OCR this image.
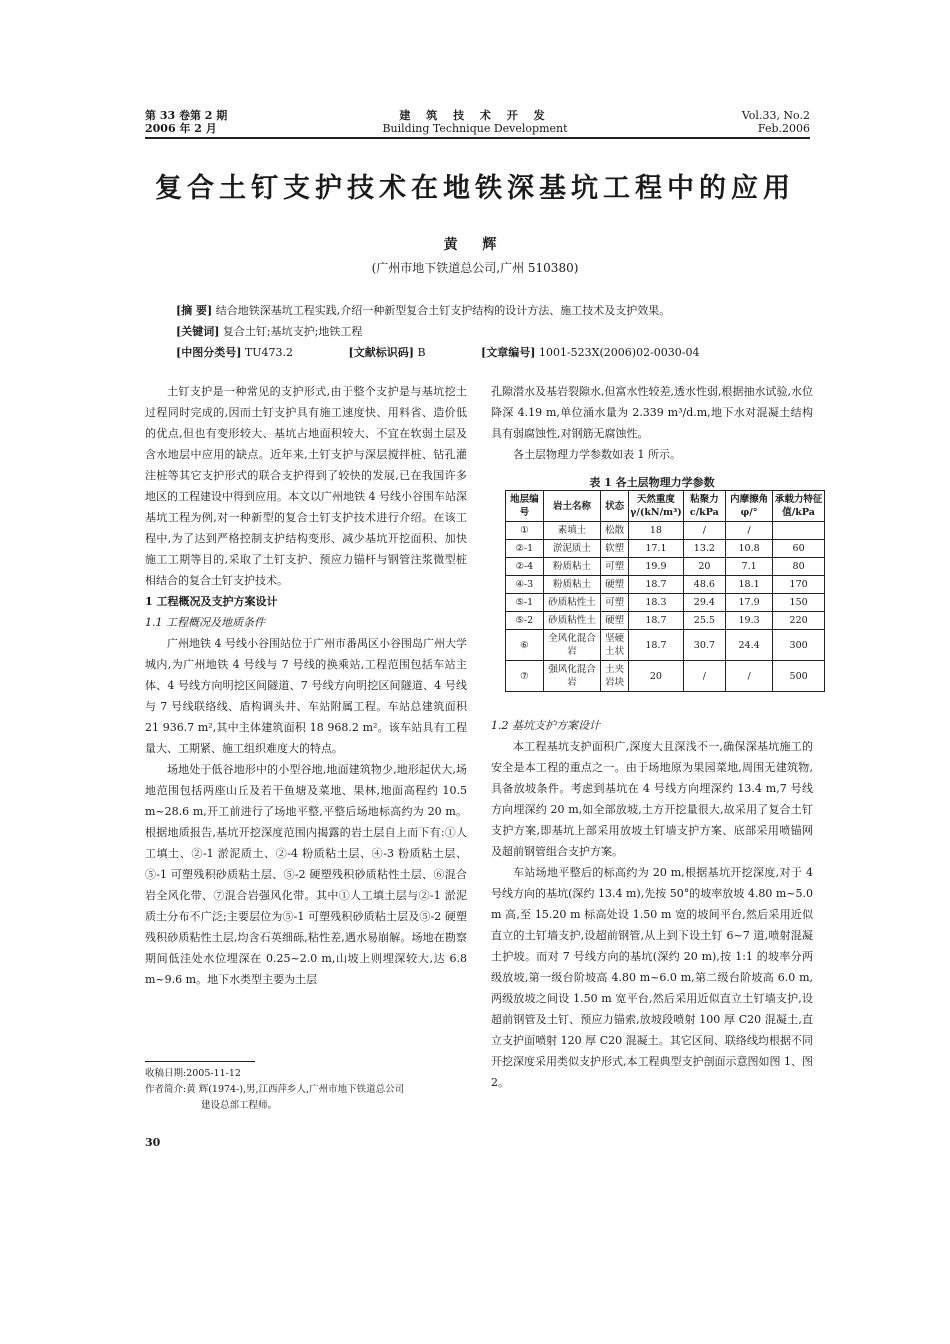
第 33 卷第 2 期
2006 年 2 月
建 筑 技 术 开 发
Building Technique Development
Vol.33, No.2
Feb.2006
复合土钉支护技术在地铁深基坑工程中的应用
黄 辉
(广州市地下铁道总公司,广州 510380)
[摘 要] 结合地铁深基坑工程实践,介绍一种新型复合土钉支护结构的设计方法、施工技术及支护效果。
[关键词] 复合土钉;基坑支护;地铁工程
[中图分类号] TU473.2	[文献标识码] B	[文章编号] 1001-523X(2006)02-0030-04

土钉支护是一种常见的支护形式,由于整个支护是与基坑挖土过程同时完成的,因而土钉支护具有施工速度快、用料省、造价低的优点,但也有变形较大、基坑占地面积较大、不宜在软弱土层及含水地层中应用的缺点。近年来,土钉支护与深层搅拌桩、钻孔灌注桩等其它支护形式的联合支护得到了较快的发展,已在我国许多地区的工程建设中得到应用。本文以广州地铁 4 号线小谷围车站深基坑工程为例,对一种新型的复合土钉支护技术进行介绍。在该工程中,为了达到严格控制支护结构变形、减少基坑开挖面积、加快施工工期等目的,采取了土钉支护、预应力锚杆与钢管注浆微型桩相结合的复合土钉支护技术。

1 工程概况及支护方案设计

1.1 工程概况及地质条件

广州地铁 4 号线小谷围站位于广州市番禺区小谷围岛广州大学城内,为广州地铁 4 号线与 7 号线的换乘站,工程范围包括车站主体、4 号线方向明挖区间隧道、7 号线方向明挖区间隧道、4 号线与 7 号线联络线、盾构调头井、车站附属工程。车站总建筑面积 21 936.7 m²,其中主体建筑面积 18 968.2 m²。该车站具有工程量大、工期紧、施工组织难度大的特点。

场地处于低谷地形中的小型谷地,地面建筑物少,地形起伏大,场地范围包括两座山丘及若干鱼塘及菜地、果林,地面高程约 10.5 m~28.6 m,开工前进行了场地平整,平整后场地标高约为 20 m。根据地质报告,基坑开挖深度范围内揭露的岩土层自上而下有:①人工填土、②-1 淤泥质土、②-4 粉质粘土层、④-3 粉质粘土层、⑤-1 可塑残积砂质粘土层、⑤-2 硬塑残积砂质粘性土层、⑥混合岩全风化带、⑦混合岩强风化带。其中①人工填土层与②-1 淤泥质土分布不广泛;主要层位为⑤-1 可塑残积砂质粘土层及⑤-2 硬塑残积砂质粘性土层,均含石英细砾,粘性差,遇水易崩解。场地在勘察期间低洼处水位埋深在 0.25~2.0 m,山坡上则埋深较大,达 6.8 m~9.6 m。地下水类型主要为土层

孔隙潜水及基岩裂隙水,但富水性较差,透水性弱,根据抽水试验,水位降深 4.19 m,单位涌水量为 2.339 m³/d.m,地下水对混凝土结构具有弱腐蚀性,对钢筋无腐蚀性。

各土层物理力学参数如表 1 所示。

表 1 各土层物理力学参数
地层编号	岩土名称	状态	天然重度 γ/(kN/m³)	粘聚力 c/kPa	内摩擦角 φ/°	承载力特征值/kPa
①	素填土	松散	18	/	/	
②-1	淤泥质土	软塑	17.1	13.2	10.8	60
②-4	粉质粘土	可塑	19.9	20	7.1	80
④-3	粉质粘土	硬塑	18.7	48.6	18.1	170
⑤-1	砂质粘性土	可塑	18.3	29.4	17.9	150
⑤-2	砂质粘性土	硬塑	18.7	25.5	19.3	220
⑥	全风化混合岩	坚硬土状	18.7	30.7	24.4	300
⑦	强风化混合岩	土夹岩块	20	/	/	500

1.2 基坑支护方案设计

本工程基坑支护面积广,深度大且深浅不一,确保深基坑施工的安全是本工程的重点之一。由于场地原为果园菜地,周围无建筑物,具备放坡条件。考虑到基坑在 4 号线方向埋深约 13.4 m,7 号线方向埋深约 20 m,如全部放坡,土方开挖量很大,故采用了复合土钉支护方案,即基坑上部采用放坡土钉墙支护方案、底部采用喷锚网及超前钢管组合支护方案。

车站场地平整后的标高约为 20 m,根据基坑开挖深度,对于 4 号线方向的基坑(深约 13.4 m),先按 50°的坡率放坡 4.80 m~5.0 m 高,至 15.20 m 标高处设 1.50 m 宽的坡间平台,然后采用近似直立的土钉墙支护,设超前钢管,从上到下设土钉 6~7 道,喷射混凝土护坡。而对 7 号线方向的基坑(深约 20 m),按 1:1 的坡率分两级放坡,第一级台阶坡高 4.80 m~6.0 m,第二级台阶坡高 6.0 m,两级放坡之间设 1.50 m 宽平台,然后采用近似直立土钉墙支护,设超前钢管及土钉、预应力锚索,放坡段喷射 100 厚 C20 混凝土,直立支护面喷射 120 厚 C20 混凝土。其它区间、联络线均根据不同开挖深度采用类似支护形式,本工程典型支护剖面示意图如图 1、图 2。

收稿日期:2005-11-12
作者简介:黄 辉(1974-),男,江西萍乡人,广州市地下铁道总公司
建设总部工程师。
30
